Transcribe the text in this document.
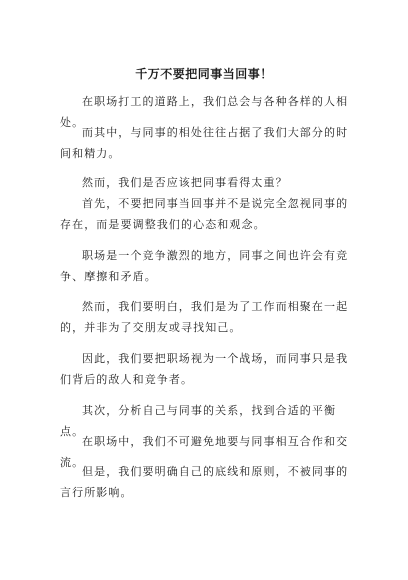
千万不要把同事当回事！

在职场打工的道路上，我们总会与各种各样的人相处。

而其中，与同事的相处往往占据了我们大部分的时间和精力。

然而，我们是否应该把同事看得太重？

首先，不要把同事当回事并不是说完全忽视同事的存在，而是要调整我们的心态和观念。

职场是一个竞争激烈的地方，同事之间也许会有竞争、摩擦和矛盾。

然而，我们要明白，我们是为了工作而相聚在一起的，并非为了交朋友或寻找知己。

因此，我们要把职场视为一个战场，而同事只是我们背后的敌人和竞争者。

其次，分析自己与同事的关系，找到合适的平衡点。

在职场中，我们不可避免地要与同事相互合作和交流。

但是，我们要明确自己的底线和原则，不被同事的言行所影响。
